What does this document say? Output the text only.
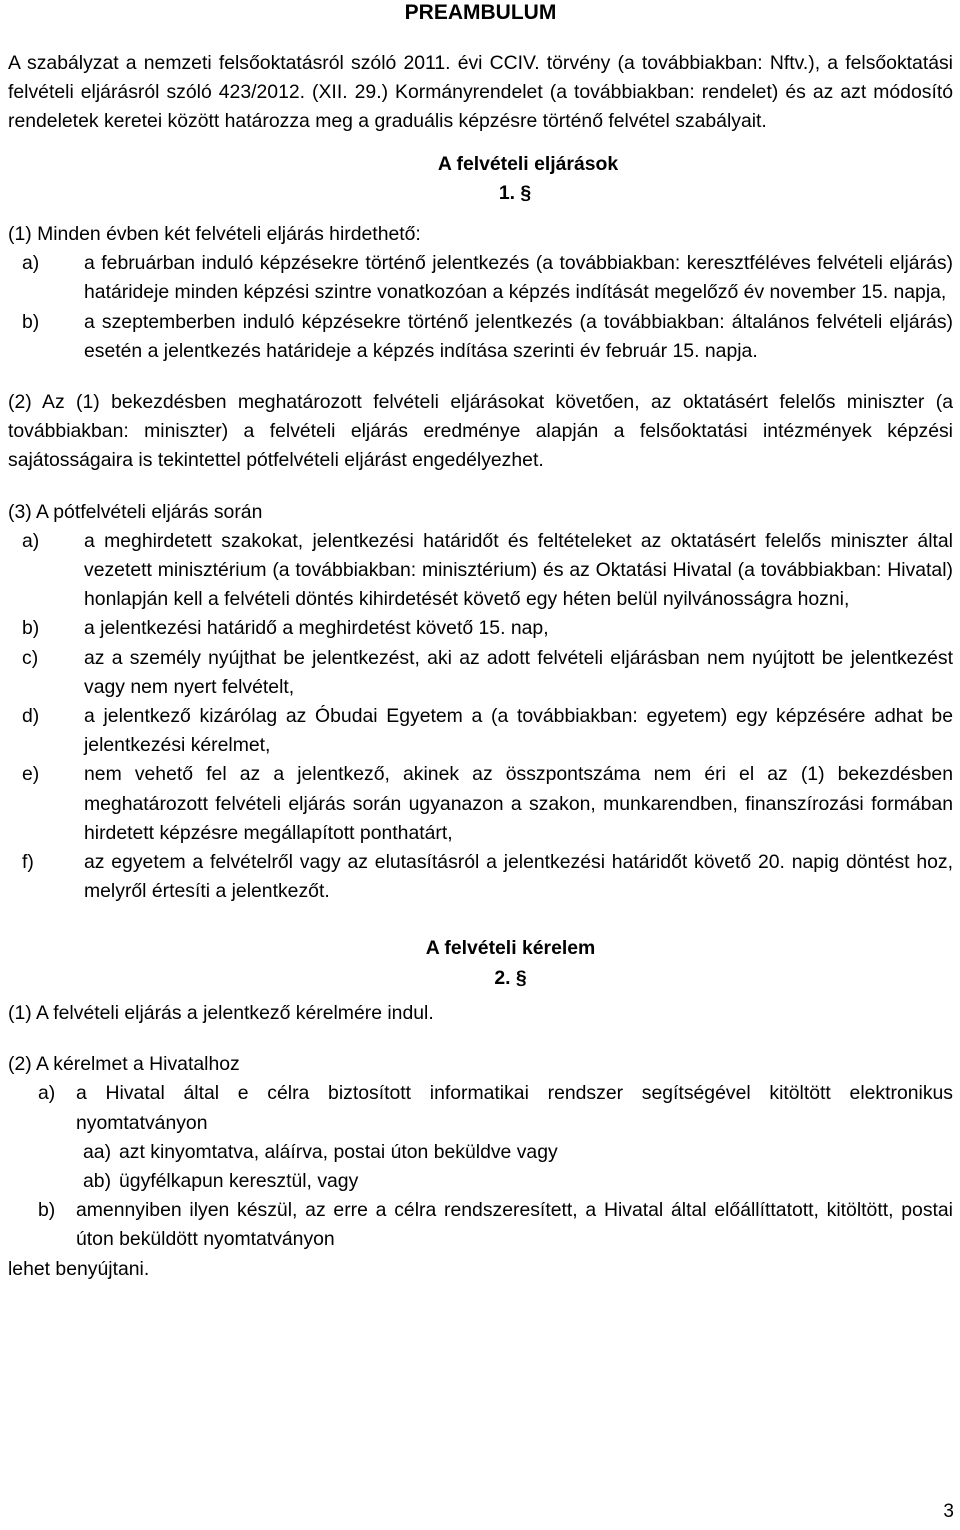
PREAMBULUM

A szabályzat a nemzeti felsőoktatásról szóló 2011. évi CCIV. törvény (a továbbiakban: Nftv.), a felsőoktatási felvételi eljárásról szóló 423/2012. (XII. 29.) Kormányrendelet (a továbbiakban: rendelet) és az azt módosító rendeletek keretei között határozza meg a graduális képzésre történő felvétel szabályait.

A felvételi eljárások
1. §

(1) Minden évben két felvételi eljárás hirdethető:

a)	a februárban induló képzésekre történő jelentkezés (a továbbiakban: keresztféléves felvételi eljárás) határideje minden képzési szintre vonatkozóan a képzés indítását megelőző év november 15. napja,
b)	a szeptemberben induló képzésekre történő jelentkezés (a továbbiakban: általános felvételi eljárás) esetén a jelentkezés határideje a képzés indítása szerinti év február 15. napja.

(2) Az (1) bekezdésben meghatározott felvételi eljárásokat követően, az oktatásért felelős miniszter (a továbbiakban: miniszter) a felvételi eljárás eredménye alapján a felsőoktatási intézmények képzési sajátosságaira is tekintettel pótfelvételi eljárást engedélyezhet.

(3) A pótfelvételi eljárás során

a)	a meghirdetett szakokat, jelentkezési határidőt és feltételeket az oktatásért felelős miniszter által vezetett minisztérium (a továbbiakban: minisztérium) és az Oktatási Hivatal (a továbbiakban: Hivatal) honlapján kell a felvételi döntés kihirdetését követő egy héten belül nyilvánosságra hozni,
b)	a jelentkezési határidő a meghirdetést követő 15. nap,
c)	az a személy nyújthat be jelentkezést, aki az adott felvételi eljárásban nem nyújtott be jelentkezést vagy nem nyert felvételt,
d)	a jelentkező kizárólag az Óbudai Egyetem a (a továbbiakban: egyetem) egy képzésére adhat be jelentkezési kérelmet,
e)	nem vehető fel az a jelentkező, akinek az összpontszáma nem éri el az (1) bekezdésben meghatározott felvételi eljárás során ugyanazon a szakon, munkarendben, finanszírozási formában hirdetett képzésre megállapított ponthatárt,
f)	az egyetem a felvételről vagy az elutasításról a jelentkezési határidőt követő 20. napig döntést hoz, melyről értesíti a jelentkezőt.
A felvételi kérelem
2. §

(1) A felvételi eljárás a jelentkező kérelmére indul.

(2) A kérelmet a Hivatalhoz

a)	a Hivatal által e célra biztosított informatikai rendszer segítségével kitöltött elektronikus nyomtatványon
aa) azt kinyomtatva, aláírva, postai úton beküldve vagy
ab) ügyfélkapun keresztül, vagy
b)	amennyiben ilyen készül, az erre a célra rendszeresített, a Hivatal által előállíttatott, kitöltött, postai úton beküldött nyomtatványon

lehet benyújtani.

3
